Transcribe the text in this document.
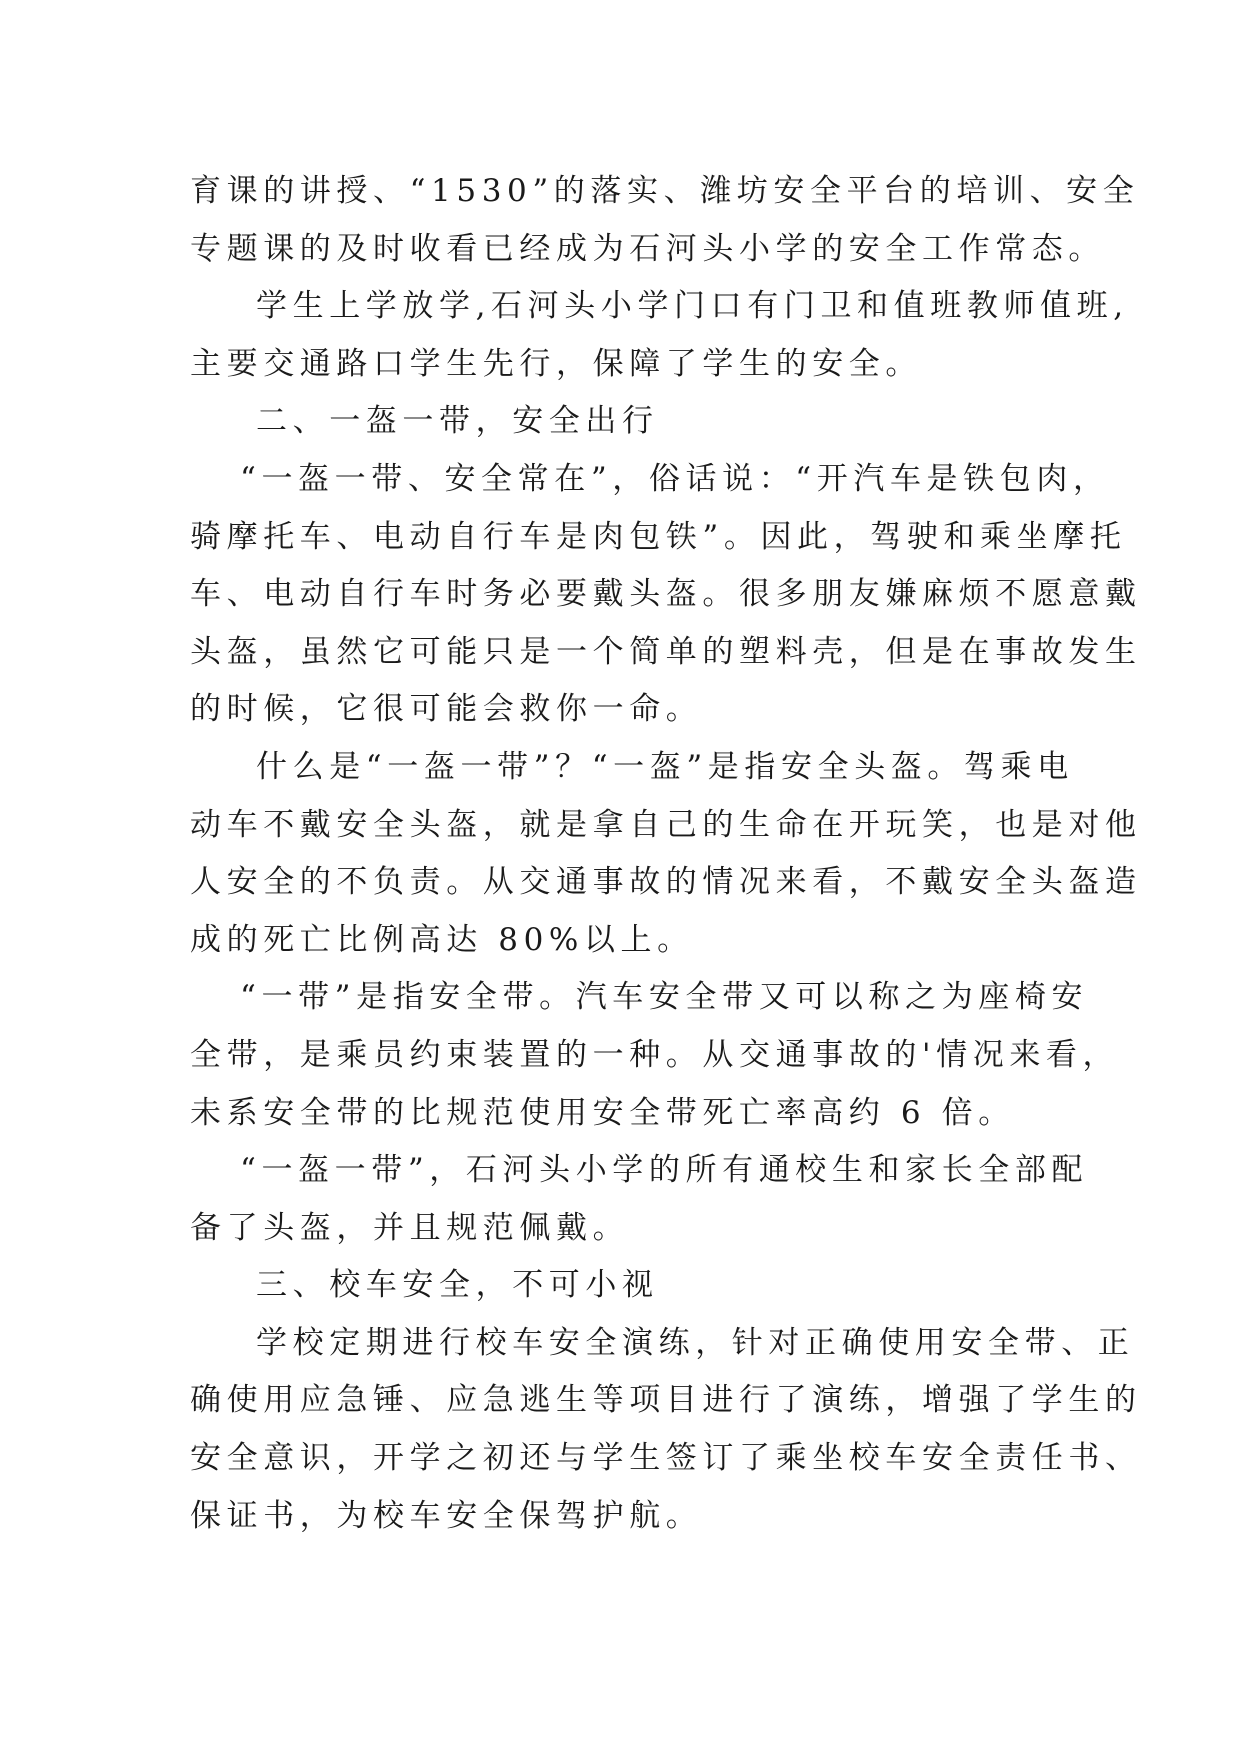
育课的讲授、“1530”的落实、潍坊安全平台的培训、安全
专题课的及时收看已经成为石河头小学的安全工作常态。
学生上学放学,石河头小学门口有门卫和值班教师值班,
主要交通路口学生先行，保障了学生的安全。
二、一盔一带，安全出行
“一盔一带、安全常在”，俗话说：“开汽车是铁包肉，
骑摩托车、电动自行车是肉包铁”。因此，驾驶和乘坐摩托
车、电动自行车时务必要戴头盔。很多朋友嫌麻烦不愿意戴
头盔，虽然它可能只是一个简单的塑料壳，但是在事故发生
的时候，它很可能会救你一命。
什么是“一盔一带”？“一盔”是指安全头盔。驾乘电
动车不戴安全头盔，就是拿自己的生命在开玩笑，也是对他
人安全的不负责。从交通事故的情况来看，不戴安全头盔造
成的死亡比例高达 80%以上。
“一带”是指安全带。汽车安全带又可以称之为座椅安
全带，是乘员约束装置的一种。从交通事故的'情况来看，
未系安全带的比规范使用安全带死亡率高约 6 倍。
“一盔一带”，石河头小学的所有通校生和家长全部配
备了头盔，并且规范佩戴。
三、校车安全，不可小视
学校定期进行校车安全演练，针对正确使用安全带、正
确使用应急锤、应急逃生等项目进行了演练，增强了学生的
安全意识，开学之初还与学生签订了乘坐校车安全责任书、
保证书，为校车安全保驾护航。
